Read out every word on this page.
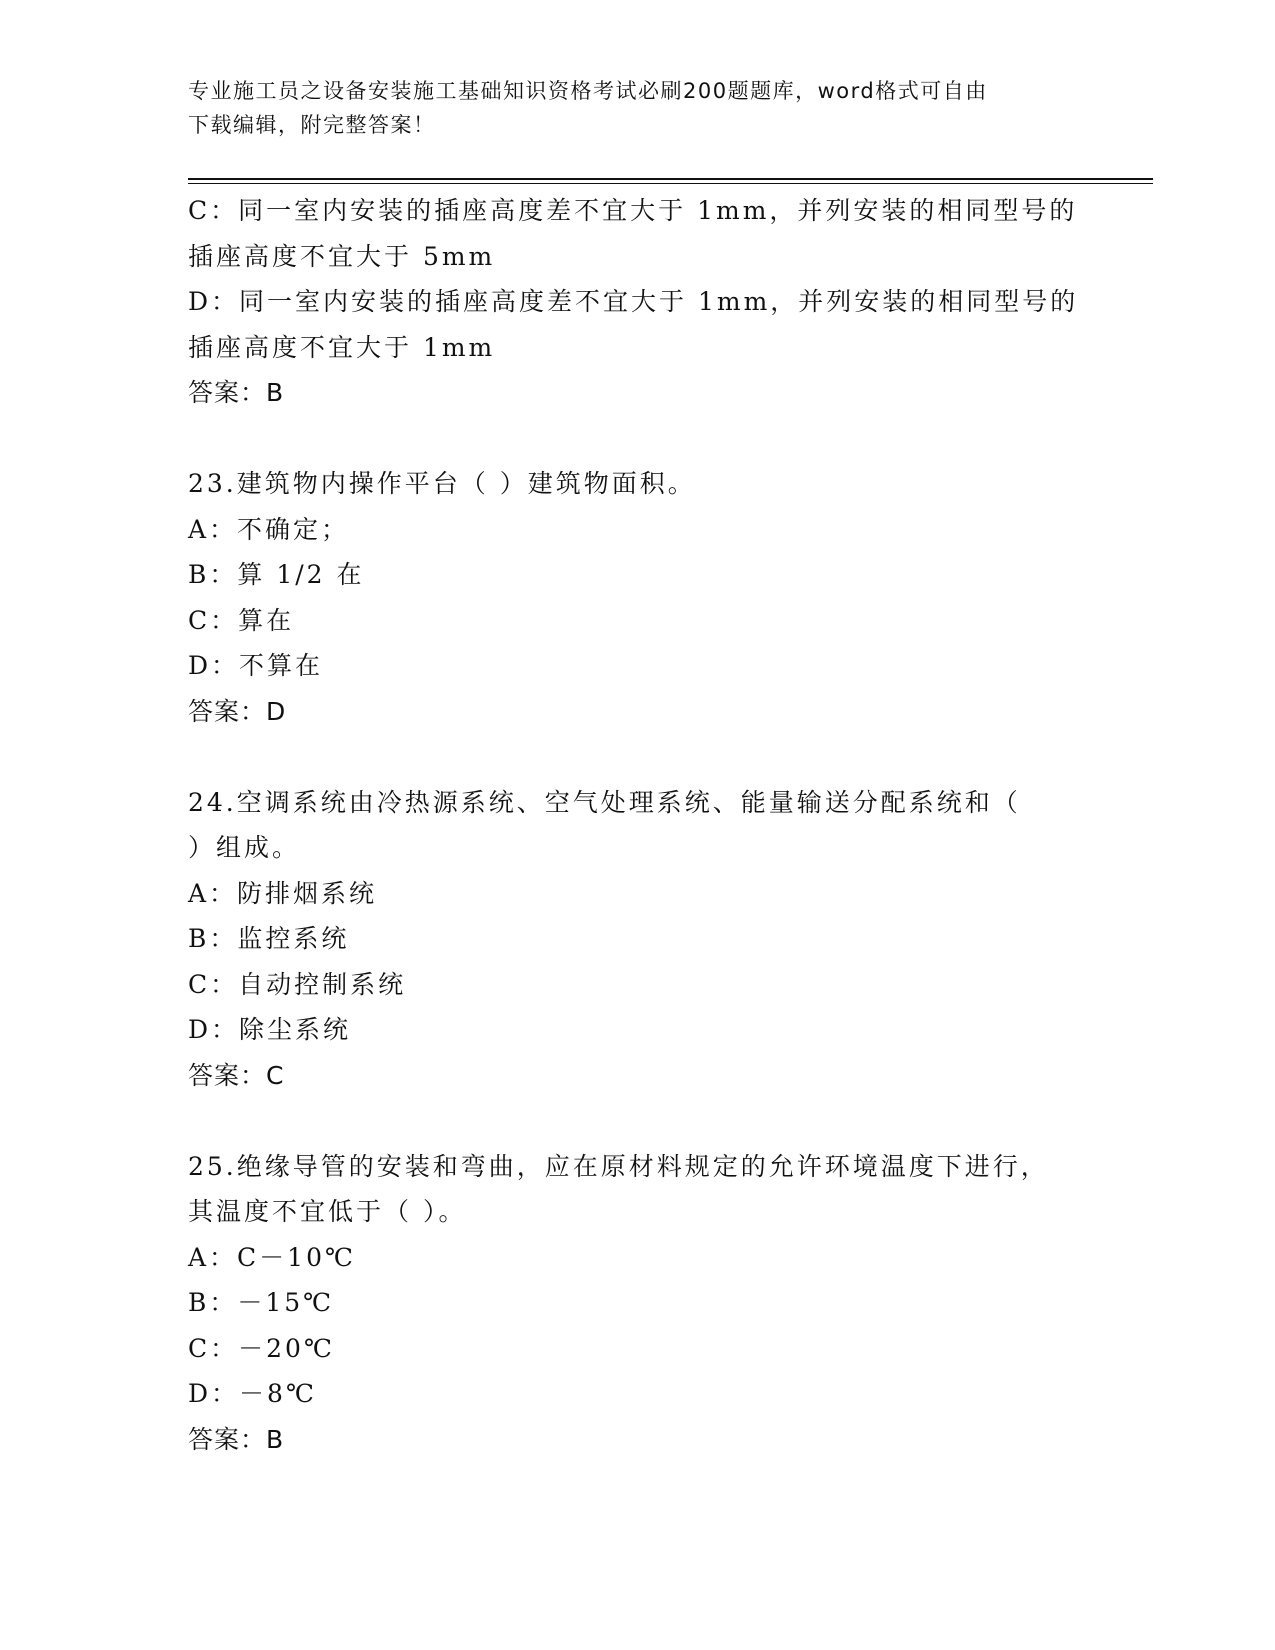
专业施工员之设备安装施工基础知识资格考试必刷200题题库，word格式可自由
下载编辑，附完整答案！
C：同一室内安装的插座高度差不宜大于 1mm，并列安装的相同型号的
插座高度不宜大于 5mm
D：同一室内安装的插座高度差不宜大于 1mm，并列安装的相同型号的
插座高度不宜大于 1mm
答案：B
23.建筑物内操作平台（ ）建筑物面积。
A：不确定；
B：算 1/2 在
C：算在
D：不算在
答案：D
24.空调系统由冷热源系统、空气处理系统、能量输送分配系统和（
）组成。
A：防排烟系统
B：监控系统
C：自动控制系统
D：除尘系统
答案：C
25.绝缘导管的安装和弯曲，应在原材料规定的允许环境温度下进行，
其温度不宜低于（ ）。
A：C－10℃
B：－15℃
C：－20℃
D：－8℃
答案：B
